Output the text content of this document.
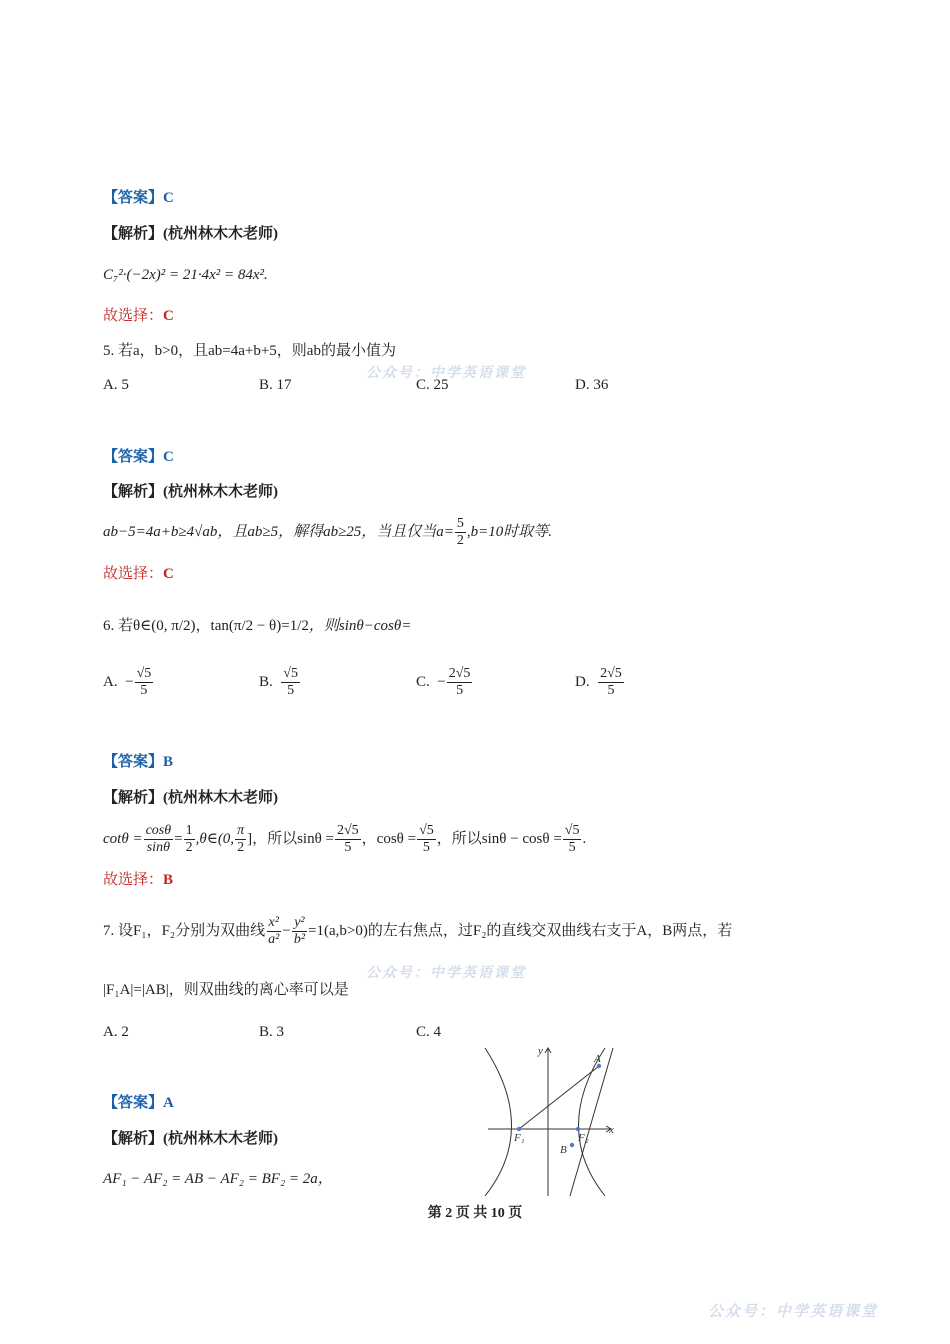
【答案】C
【解析】(杭州林木木老师)
C₇²·(−2x)² = 21·4x² = 84x².
故选择：C
5. 若a，b>0，且ab=4a+b+5，则ab的最小值为
A. 5	B. 17	C. 25	D. 36
【答案】C
【解析】(杭州林木木老师)
ab−5=4a+b≥4√ab，且ab≥5，解得ab≥25，当且仅当$a= \frac{5}{2} ,b=10$时取等.
故选择：C
6. 若θ∈(0, π/2)，tan(π/2 − θ)=1/2，则sinθ−cosθ=
A. − $\frac{√5}{5}$	B. $\frac{√5}{5}$	C. − $\frac{2√5}{5}$	D. $\frac{2√5}{5}$
【答案】B
【解析】(杭州林木木老师)
$\cot\theta = \frac{\cos\theta}{\sin\theta} = \frac{1}{2}$ ,θ∈(0, $\frac{\pi}{2}$ ]，所以$\sin\theta = \frac{2√5}{5}$ ，$\cos\theta = \frac{√5}{5}$ ，所以$\sin\theta - \cos\theta = \frac{√5}{5}$ .
故选择：B
7. 设F₁，F₂分别为双曲线 $\frac{\text{x²}}{\text{a²}} - \frac{\text{y²}}{\text{b²}} =1(a,b>0)$的左右焦点，过F₂的直线交双曲线右支于A，B两点，若
|F₁A|=|AB|，则双曲线的离心率可以是
A. 2	B. 3	C. 4
【答案】A
【解析】(杭州林木木老师)
AF₁ − AF₂ = AB − AF₂ = BF₂ = 2a，
y
x
A
B
F₁	F₂
公众号：中学英语课堂
公众号：中学英语课堂
公众号：中学英语课堂
第 2 页 共 10 页
